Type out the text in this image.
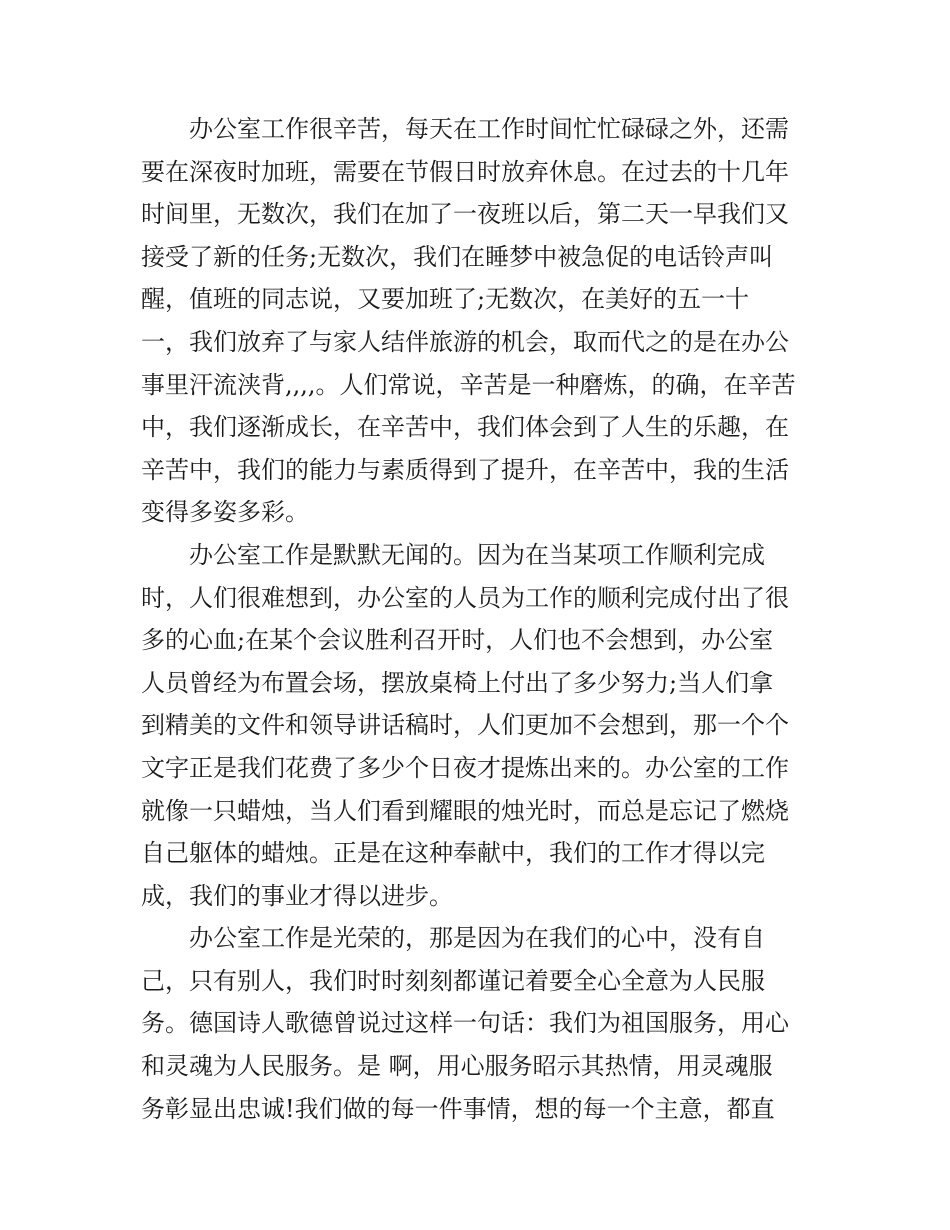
办公室工作很辛苦，每天在工作时间忙忙碌碌之外，还需
要在深夜时加班，需要在节假日时放弃休息。在过去的十几年
时间里，无数次，我们在加了一夜班以后，第二天一早我们又
接受了新的任务;无数次，我们在睡梦中被急促的电话铃声叫
醒，值班的同志说，又要加班了;无数次，在美好的五一十
一，我们放弃了与家人结伴旅游的机会，取而代之的是在办公
事里汗流浃背,,,,。人们常说，辛苦是一种磨炼，的确，在辛苦
中，我们逐渐成长，在辛苦中，我们体会到了人生的乐趣，在
辛苦中，我们的能力与素质得到了提升，在辛苦中，我的生活
变得多姿多彩。
办公室工作是默默无闻的。因为在当某项工作顺利完成
时，人们很难想到，办公室的人员为工作的顺利完成付出了很
多的心血;在某个会议胜利召开时，人们也不会想到，办公室
人员曾经为布置会场，摆放桌椅上付出了多少努力;当人们拿
到精美的文件和领导讲话稿时，人们更加不会想到，那一个个
文字正是我们花费了多少个日夜才提炼出来的。办公室的工作
就像一只蜡烛，当人们看到耀眼的烛光时，而总是忘记了燃烧
自己躯体的蜡烛。正是在这种奉献中，我们的工作才得以完
成，我们的事业才得以进步。
办公室工作是光荣的，那是因为在我们的心中，没有自
己，只有别人，我们时时刻刻都谨记着要全心全意为人民服
务。德国诗人歌德曾说过这样一句话：我们为祖国服务，用心
和灵魂为人民服务。是 啊，用心服务昭示其热情，用灵魂服
务彰显出忠诚!我们做的每一件事情，想的每一个主意，都直
